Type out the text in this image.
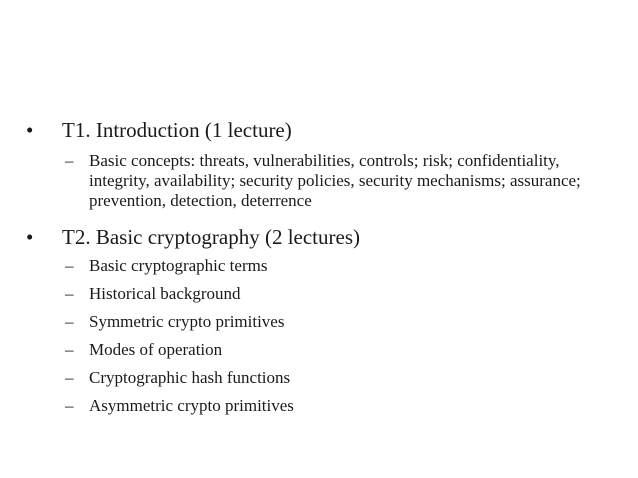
•	T1. Introduction (1 lecture)
– Basic concepts: threats, vulnerabilities, controls; risk; confidentiality, integrity, availability; security policies, security mechanisms; assurance; prevention, detection, deterrence
•	T2. Basic cryptography (2 lectures)
– Basic cryptographic terms
– Historical background
– Symmetric crypto primitives
– Modes of operation
– Cryptographic hash functions
– Asymmetric crypto primitives
